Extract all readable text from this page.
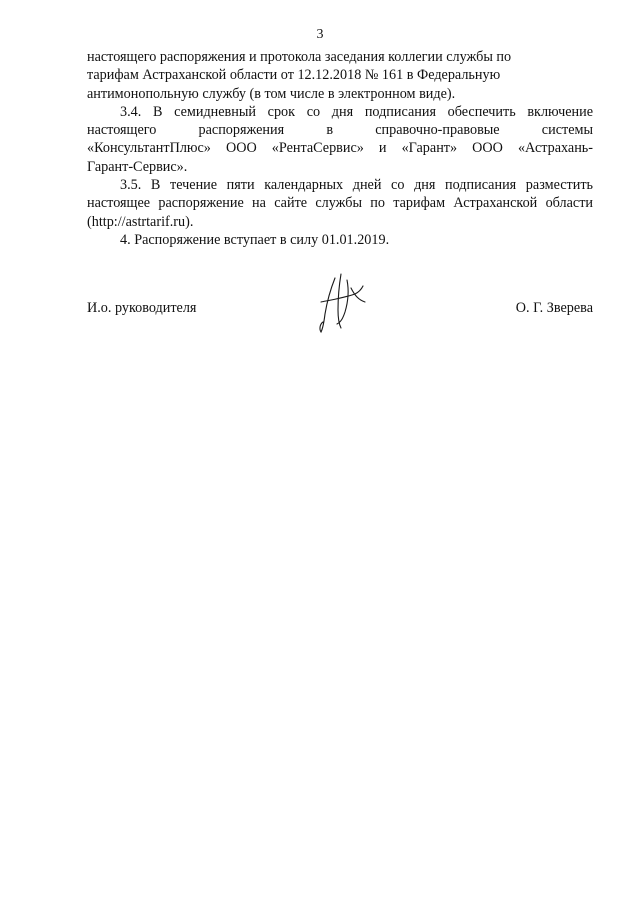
3
настоящего распоряжения и протокола заседания коллегии службы по
тарифам Астраханской области от 12.12.2018 № 161 в Федеральную
антимонопольную службу (в том числе в электронном виде).
3.4. В семидневный срок со дня подписания обеспечить включение
настоящего распоряжения в справочно-правовые системы
«КонсультантПлюс» ООО «РентаСервис» и «Гарант» ООО «Астрахань-
Гарант-Сервис».
3.5. В течение пяти календарных дней со дня подписания разместить
настоящее распоряжение на сайте службы по тарифам Астраханской области
(http://astrtarif.ru).
4. Распоряжение вступает в силу 01.01.2019.
И.о. руководителя	О. Г. Зверева
